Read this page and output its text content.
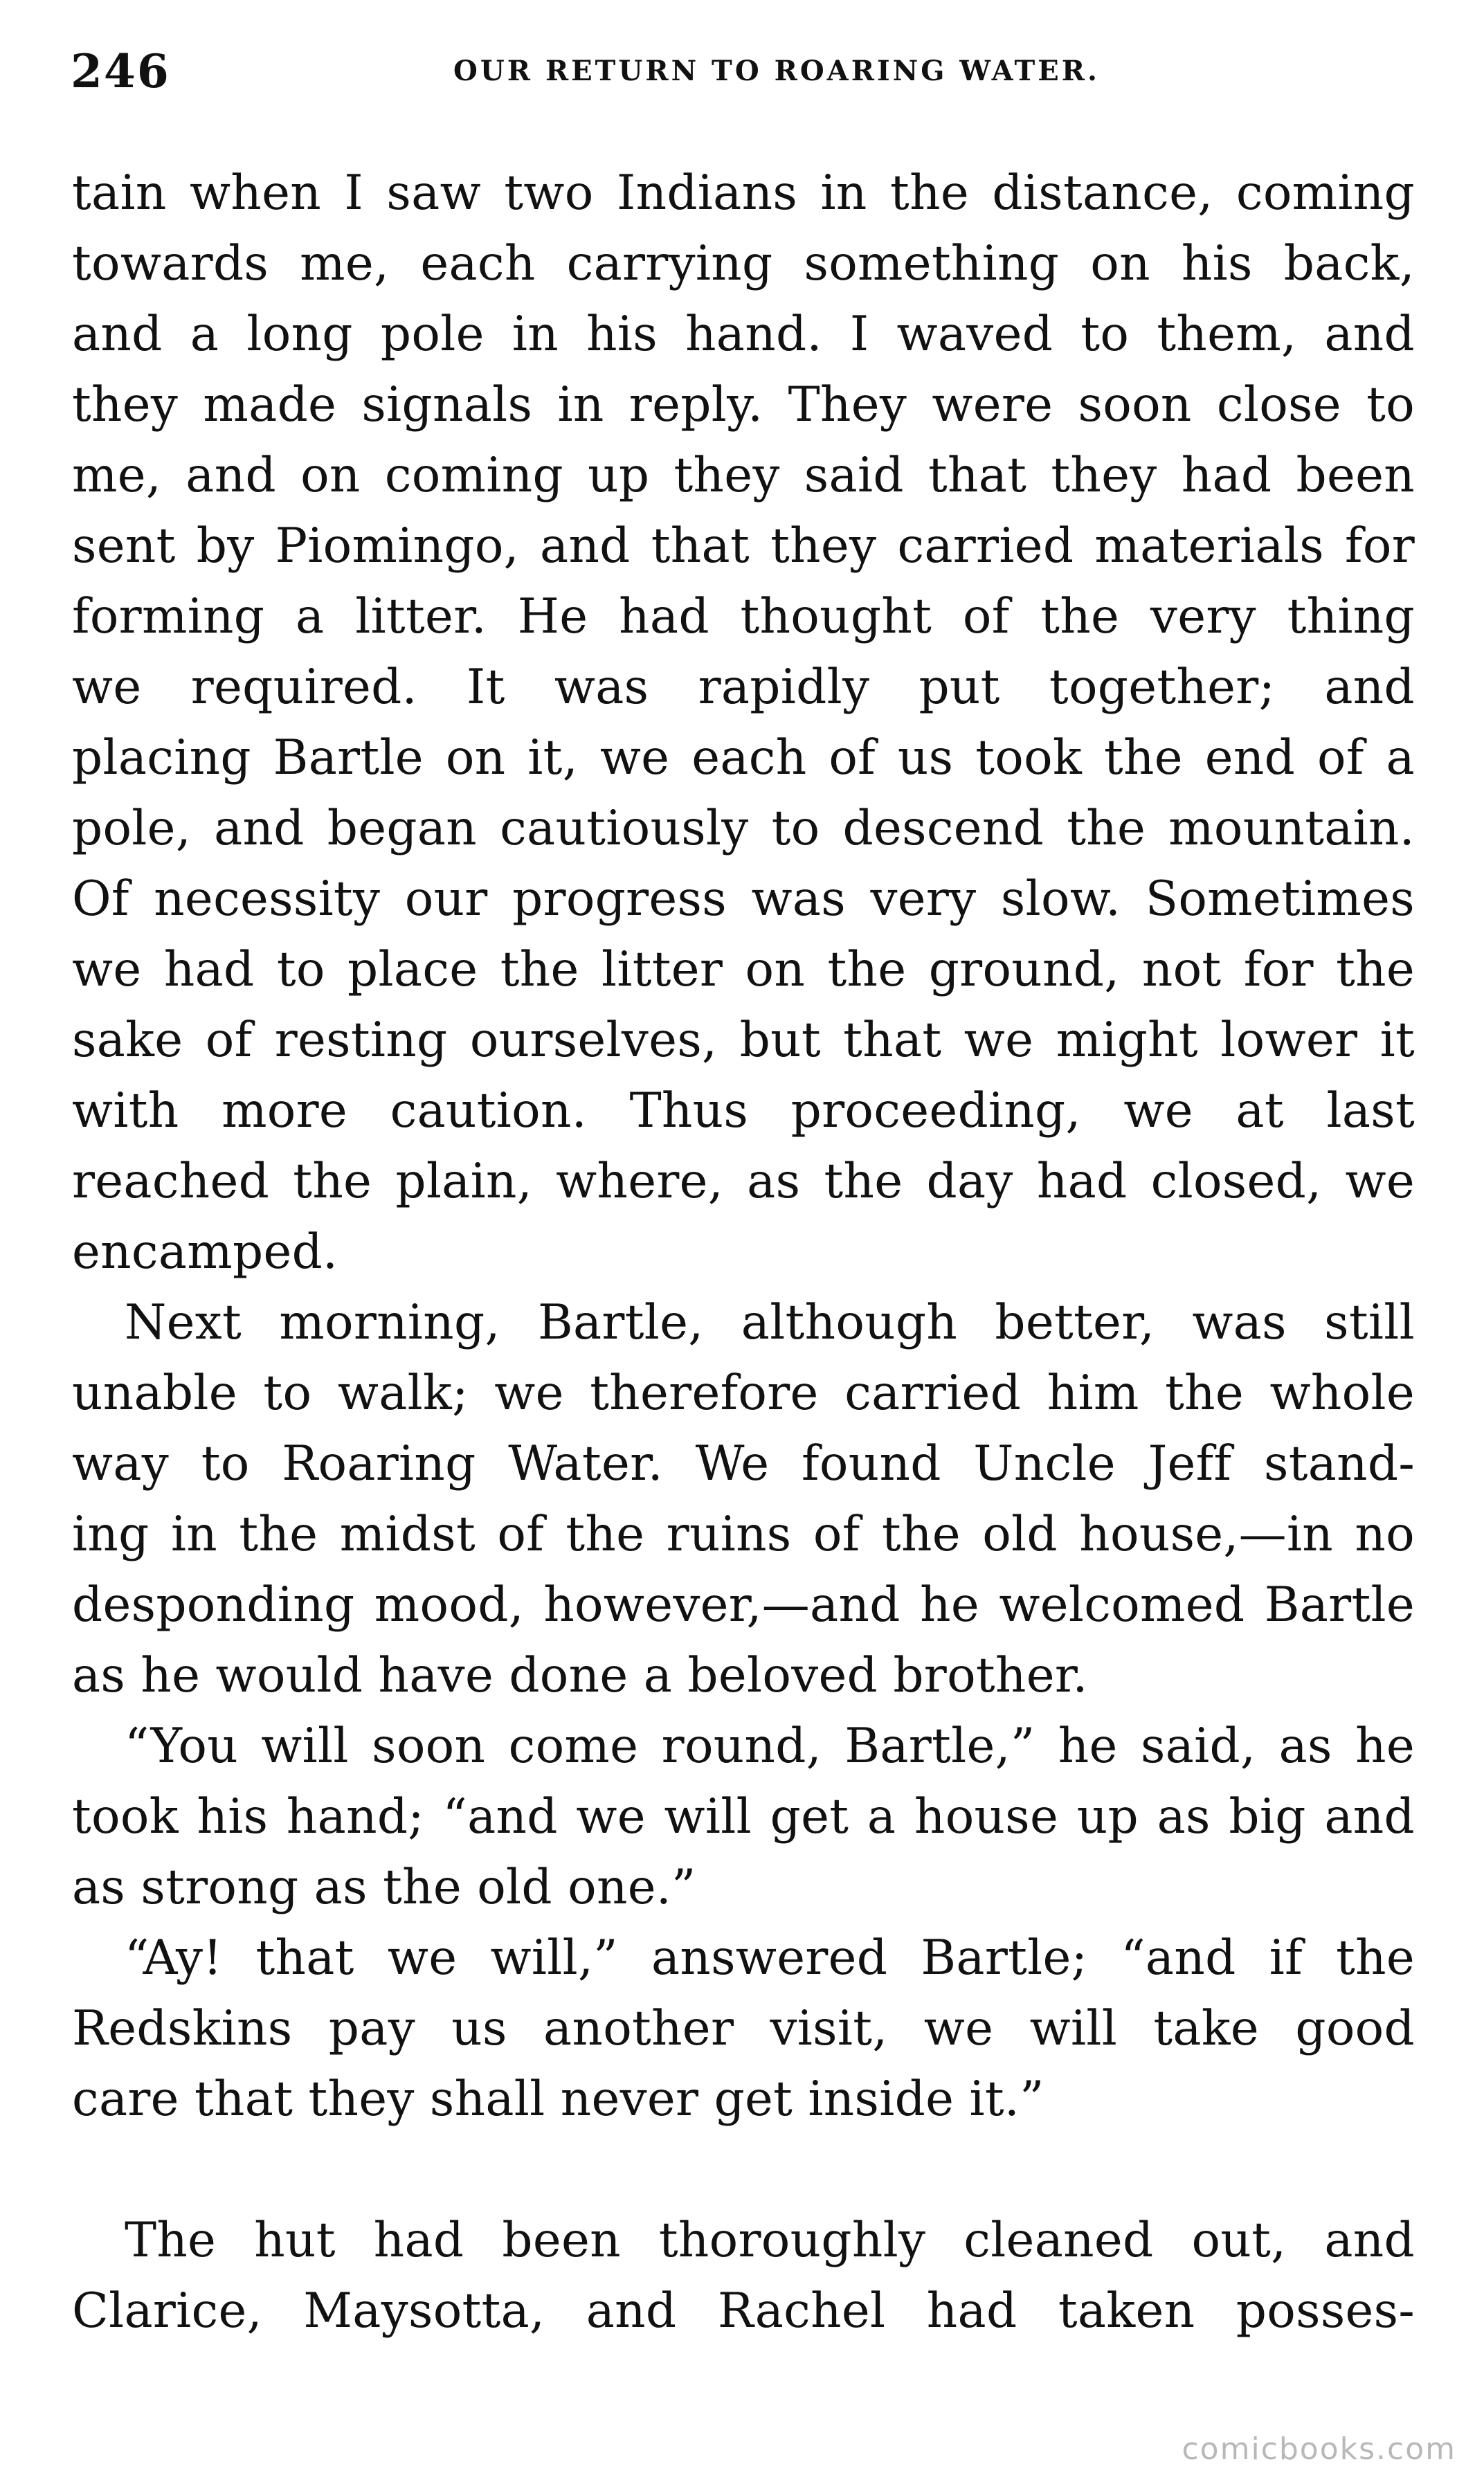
246	OUR RETURN TO ROARING WATER.
tain when I saw two Indians in the distance, coming
towards me, each carrying something on his back,
and a long pole in his hand. I waved to them, and
they made signals in reply. They were soon close to
me, and on coming up they said that they had been
sent by Piomingo, and that they carried materials for
forming a litter. He had thought of the very thing
we required. It was rapidly put together; and
placing Bartle on it, we each of us took the end of a
pole, and began cautiously to descend the mountain.
Of necessity our progress was very slow. Sometimes
we had to place the litter on the ground, not for the
sake of resting ourselves, but that we might lower it
with more caution. Thus proceeding, we at last
reached the plain, where, as the day had closed, we
encamped.
Next morning, Bartle, although better, was still
unable to walk; we therefore carried him the whole
way to Roaring Water. We found Uncle Jeff stand-
ing in the midst of the ruins of the old house,—in no
desponding mood, however,—and he welcomed Bartle
as he would have done a beloved brother.
“You will soon come round, Bartle,” he said, as he
took his hand; “and we will get a house up as big and
as strong as the old one.”
“Ay! that we will,” answered Bartle; “and if the
Redskins pay us another visit, we will take good
care that they shall never get inside it.”
The hut had been thoroughly cleaned out, and
Clarice, Maysotta, and Rachel had taken posses-
comicbooks.com
